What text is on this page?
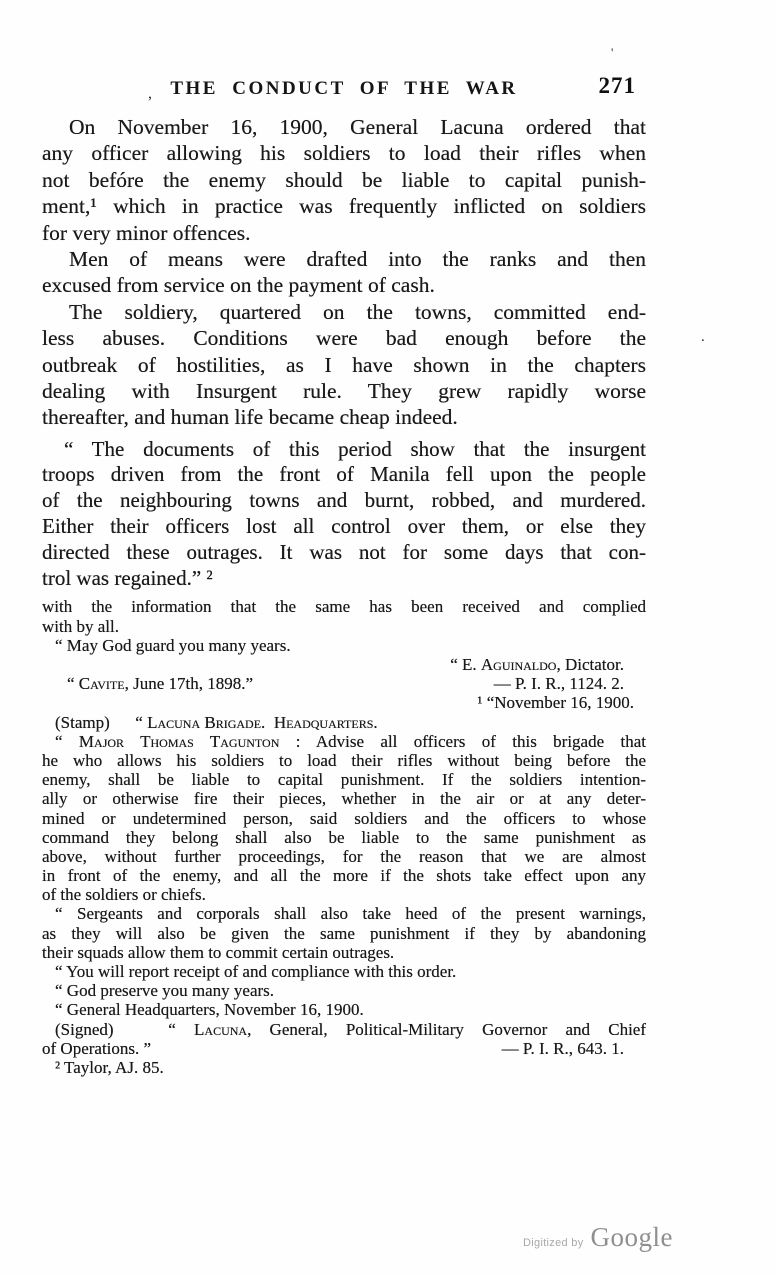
THE CONDUCT OF THE WAR	271
On November 16, 1900, General Lacuna ordered that
any officer allowing his soldiers to load their rifles when
not befóre the enemy should be liable to capital punish-
ment,¹ which in practice was frequently inflicted on soldiers
for very minor offences.
Men of means were drafted into the ranks and then
excused from service on the payment of cash.
The soldiery, quartered on the towns, committed end-
less abuses. Conditions were bad enough before the
outbreak of hostilities, as I have shown in the chapters
dealing with Insurgent rule. They grew rapidly worse
thereafter, and human life became cheap indeed.
“ The documents of this period show that the insurgent
troops driven from the front of Manila fell upon the people
of the neighbouring towns and burnt, robbed, and murdered.
Either their officers lost all control over them, or else they
directed these outrages. It was not for some days that con-
trol was regained.” ²
with the information that the same has been received and complied
with by all.
“ May God guard you many years.
“ E. Aguinaldo, Dictator.
“ Cavite, June 17th, 1898.”	— P. I. R., 1124. 2.
¹ “November 16, 1900.
(Stamp)      “ Lacuna Brigade. Headquarters.
“ Major Thomas Tagunton : Advise all officers of this brigade that
he who allows his soldiers to load their rifles without being before the
enemy, shall be liable to capital punishment. If the soldiers intention-
ally or otherwise fire their pieces, whether in the air or at any deter-
mined or undetermined person, said soldiers and the officers to whose
command they belong shall also be liable to the same punishment as
above, without further proceedings, for the reason that we are almost
in front of the enemy, and all the more if the shots take effect upon any
of the soldiers or chiefs.
“ Sergeants and corporals shall also take heed of the present warnings,
as they will also be given the same punishment if they by abandoning
their squads allow them to commit certain outrages.
“ You will report receipt of and compliance with this order.
“ God preserve you many years.
“ General Headquarters, November 16, 1900.
(Signed)   “ Lacuna, General, Political-Military Governor and Chief
of Operations. ”	— P. I. R., 643. 1.
² Taylor, AJ. 85.
Digitized by Google
,
'
.
